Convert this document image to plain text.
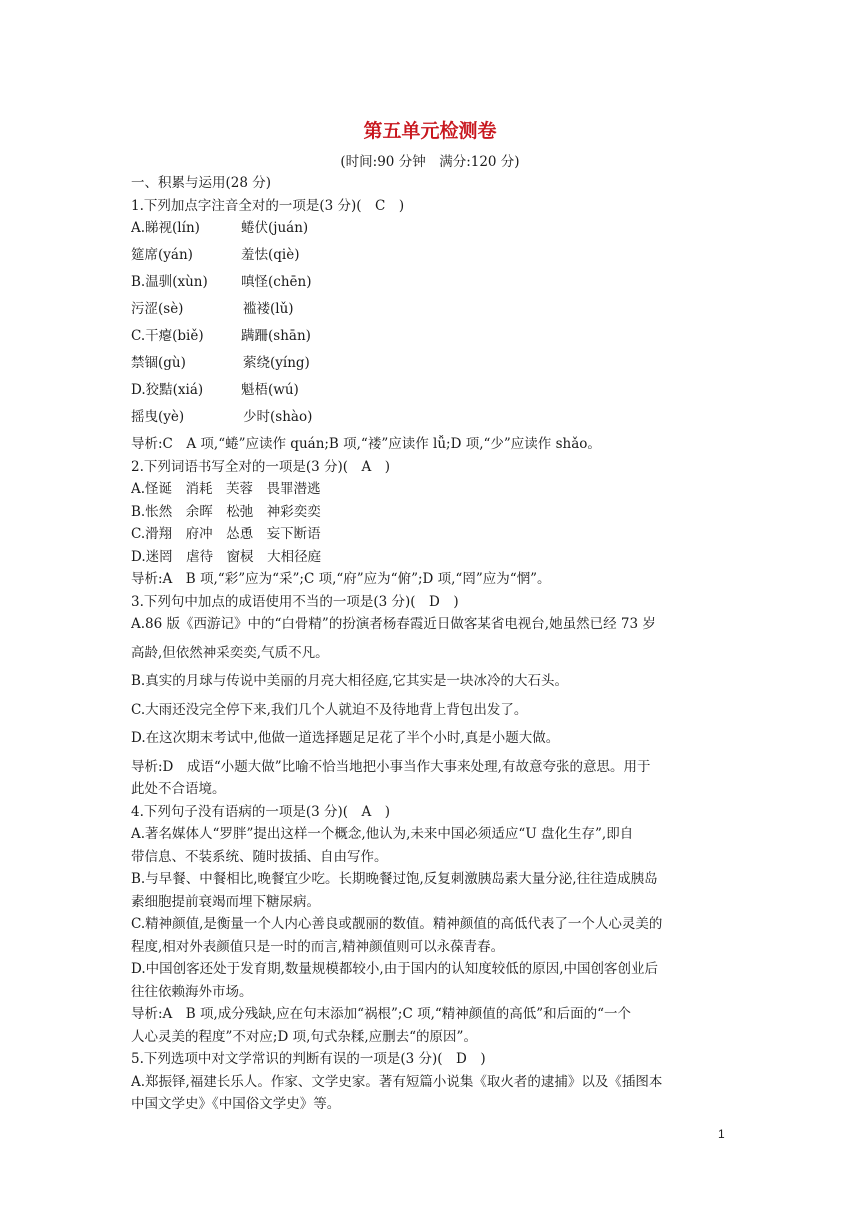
第五单元检测卷
(时间:90 分钟　满分:120 分)
一、积累与运用(28 分)
1.下列加点字注音全对的一项是(3 分)(　C　)
A.睇视(lín)	蜷伏(juán)
筵席(yán)	羞怯(qiè)
B.温驯(xùn) 嗔怪(chēn)
污涩(sè)	褴褛(lǔ)
C.干瘪(biě)	蹒跚(shān)
禁锢(gù)	萦绕(yíng)
D.狡黠(xiá)	魁梧(wú)
摇曳(yè)	少时(shào)
导析:C　A 项,“蜷”应读作 quán;B 项,“褛”应读作 lǚ;D 项,“少”应读作 shǎo。
2.下列词语书写全对的一项是(3 分)(　A　)
A.怪诞　消耗　芙蓉　畏罪潜逃
B.怅然　余晖　松弛　神彩奕奕
C.滑翔　府冲　怂恿　妄下断语
D.迷罔　虐待　窗棂　大相径庭
导析:A　B 项,“彩”应为“采”;C 项,“府”应为“俯”;D 项,“罔”应为“惘”。
3.下列句中加点的成语使用不当的一项是(3 分)(　D　)
A.86 版《西游记》中的“白骨精”的扮演者杨春霞近日做客某省电视台,她虽然已经 73 岁
高龄,但依然神采奕奕,气质不凡。
B.真实的月球与传说中美丽的月亮大相径庭,它其实是一块冰冷的大石头。
C.大雨还没完全停下来,我们几个人就迫不及待地背上背包出发了。
D.在这次期末考试中,他做一道选择题足足花了半个小时,真是小题大做。
导析:D　成语“小题大做”比喻不恰当地把小事当作大事来处理,有故意夸张的意思。用于
此处不合语境。
4.下列句子没有语病的一项是(3 分)(　A　)
A.著名媒体人“罗胖”提出这样一个概念,他认为,未来中国必须适应“U 盘化生存”,即自
带信息、不装系统、随时拔插、自由写作。
B.与早餐、中餐相比,晚餐宜少吃。长期晚餐过饱,反复刺激胰岛素大量分泌,往往造成胰岛
素细胞提前衰竭而埋下糖尿病。
C.精神颜值,是衡量一个人内心善良或靓丽的数值。精神颜值的高低代表了一个人心灵美的
程度,相对外表颜值只是一时的而言,精神颜值则可以永葆青春。
D.中国创客还处于发育期,数量规模都较小,由于国内的认知度较低的原因,中国创客创业后
往往依赖海外市场。
导析:A　B 项,成分残缺,应在句末添加“祸根”;C 项,“精神颜值的高低”和后面的“一个
人心灵美的程度”不对应;D 项,句式杂糅,应删去“的原因”。
5.下列选项中对文学常识的判断有误的一项是(3 分)(　D　)
A.郑振铎,福建长乐人。作家、文学史家。著有短篇小说集《取火者的逮捕》以及《插图本
中国文学史》《中国俗文学史》等。
1
